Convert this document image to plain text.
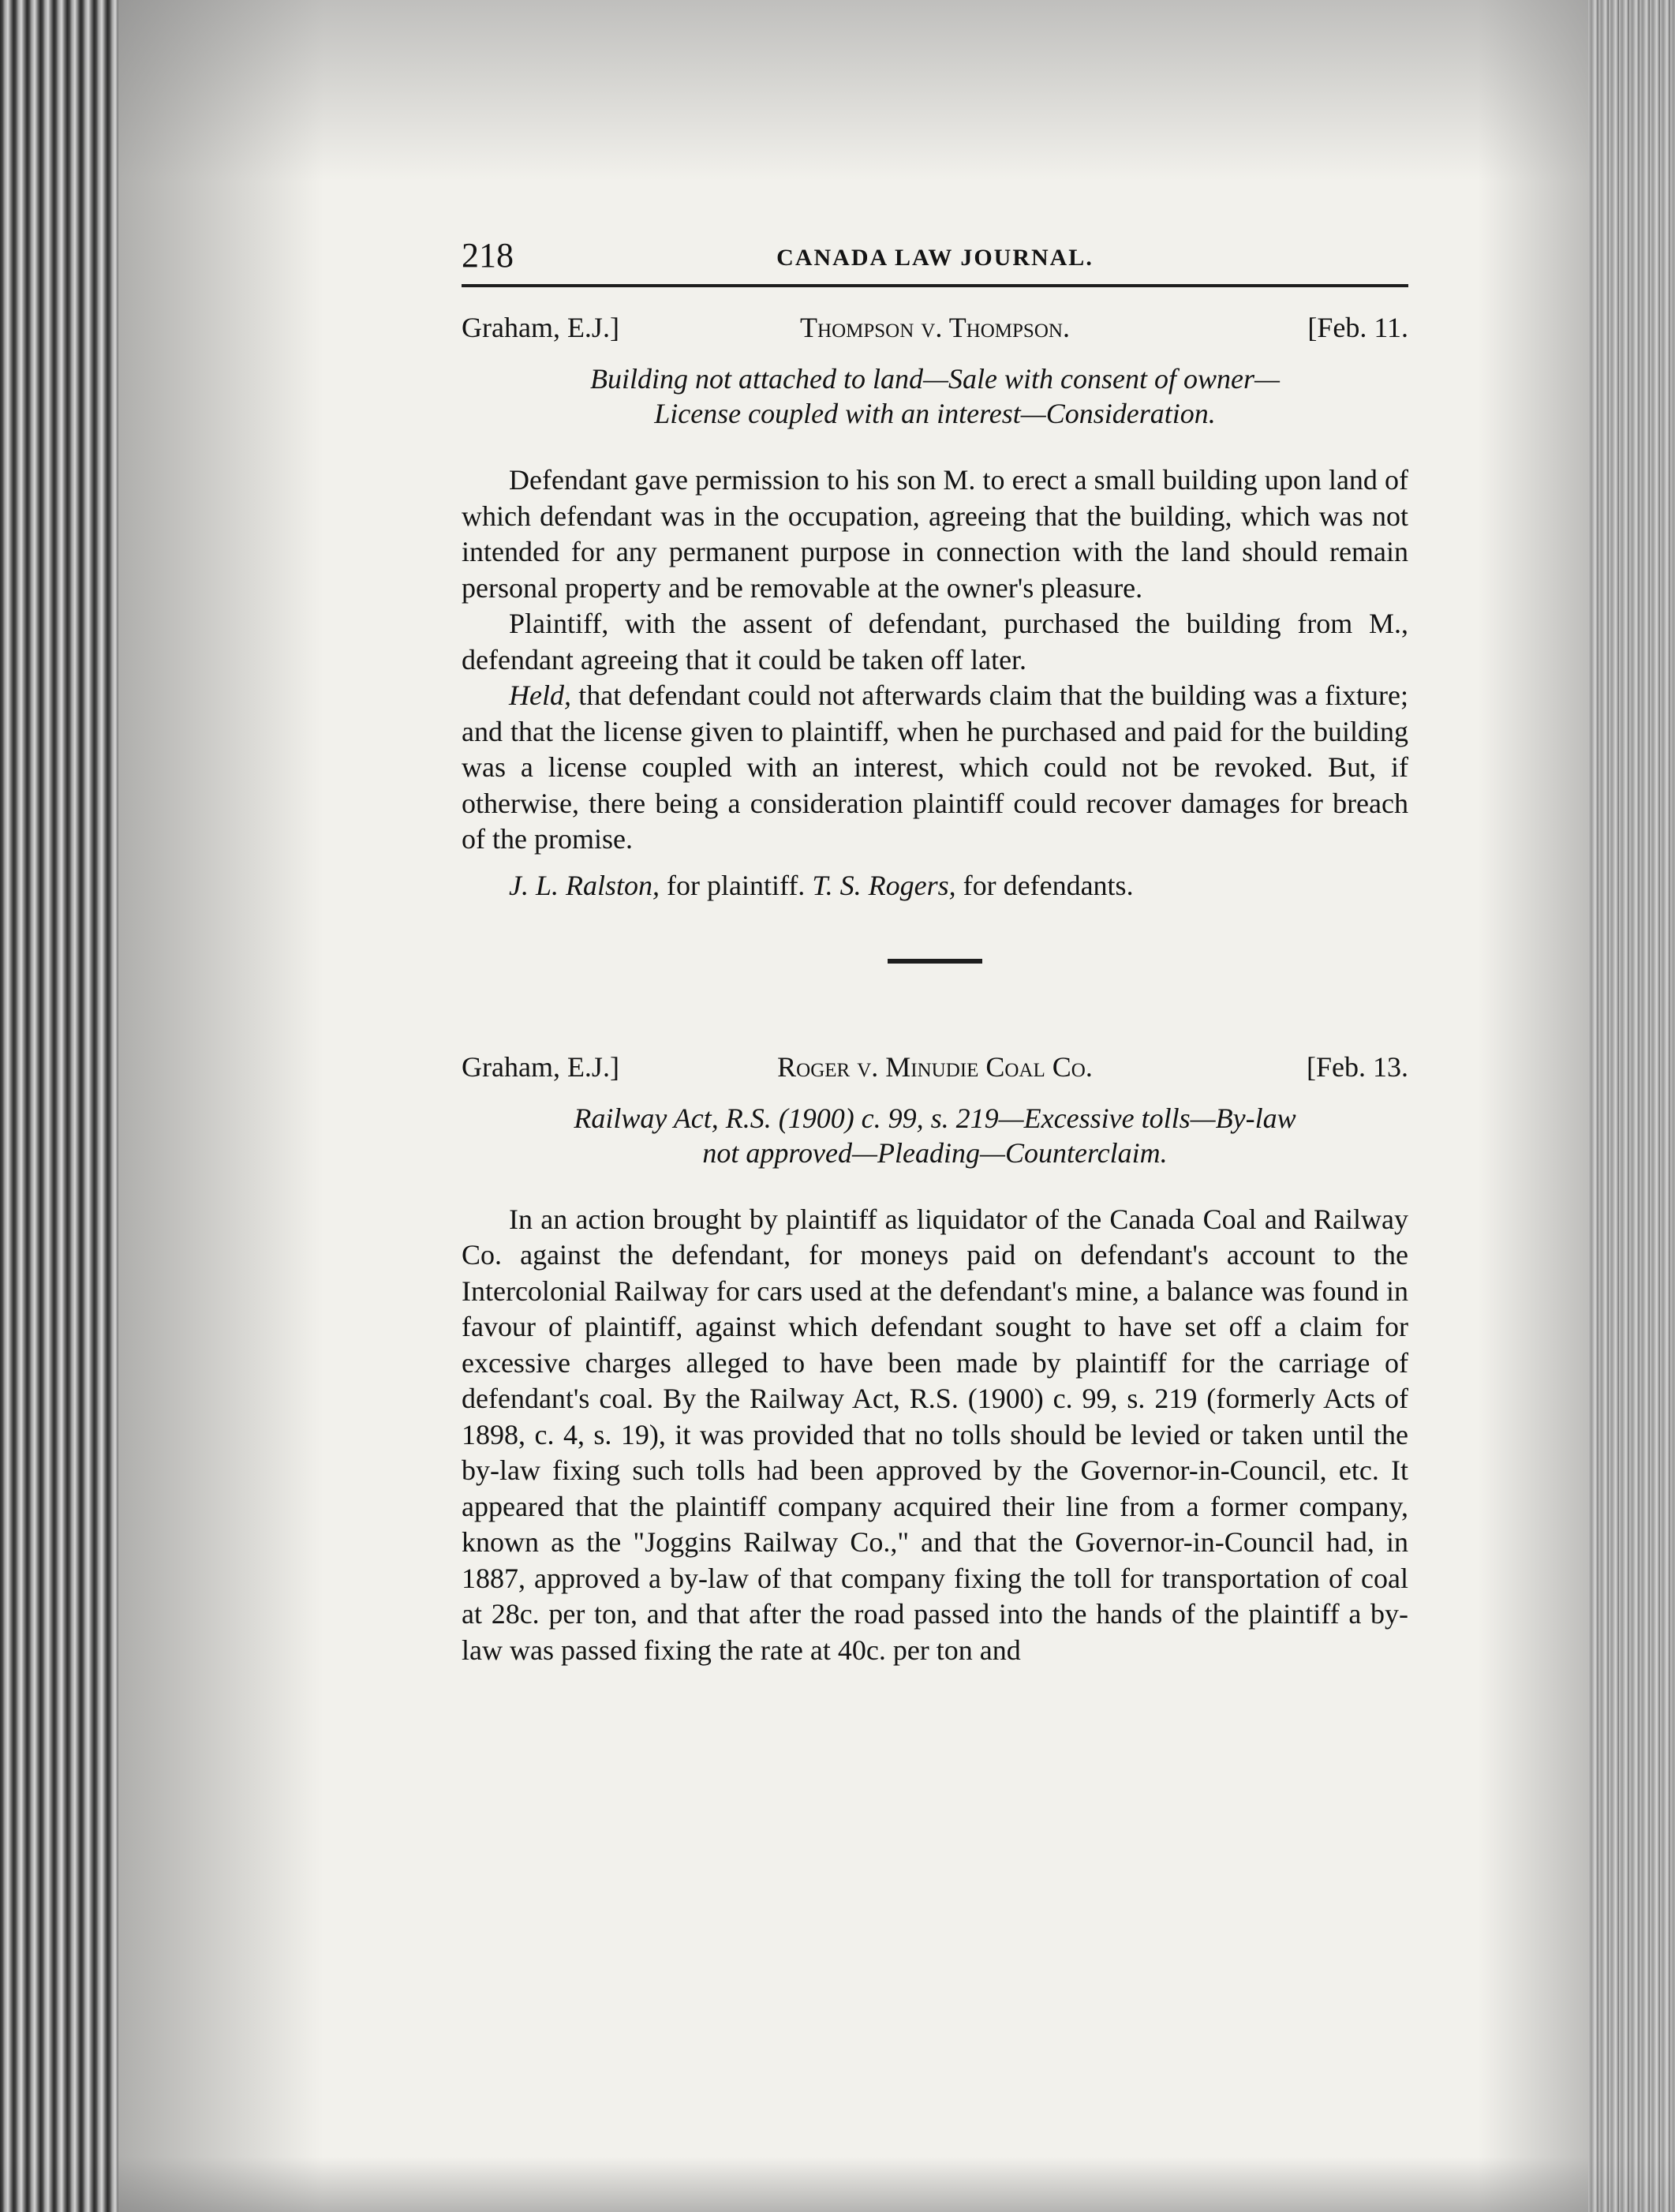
218	CANADA LAW JOURNAL.
Graham, E.J.]	Thompson v. Thompson.	[Feb. 11.
Building not attached to land—Sale with consent of owner—
License coupled with an interest—Consideration.

Defendant gave permission to his son M. to erect a small building upon land of which defendant was in the occupation, agreeing that the building, which was not intended for any permanent purpose in connection with the land should remain personal property and be removable at the owner's pleasure.

Plaintiff, with the assent of defendant, purchased the building from M., defendant agreeing that it could be taken off later.

Held, that defendant could not afterwards claim that the building was a fixture; and that the license given to plaintiff, when he purchased and paid for the building was a license coupled with an interest, which could not be revoked. But, if otherwise, there being a consideration plaintiff could recover damages for breach of the promise.

J. L. Ralston, for plaintiff. T. S. Rogers, for defendants.

Graham, E.J.]	Roger v. Minudie Coal Co.	[Feb. 13.
Railway Act, R.S. (1900) c. 99, s. 219—Excessive tolls—By-law
not approved—Pleading—Counterclaim.

In an action brought by plaintiff as liquidator of the Canada Coal and Railway Co. against the defendant, for moneys paid on defendant's account to the Intercolonial Railway for cars used at the defendant's mine, a balance was found in favour of plaintiff, against which defendant sought to have set off a claim for excessive charges alleged to have been made by plaintiff for the carriage of defendant's coal. By the Railway Act, R.S. (1900) c. 99, s. 219 (formerly Acts of 1898, c. 4, s. 19), it was provided that no tolls should be levied or taken until the by-law fixing such tolls had been approved by the Governor-in-Council, etc. It appeared that the plaintiff company acquired their line from a former company, known as the "Joggins Railway Co.," and that the Governor-in-Council had, in 1887, approved a by-law of that company fixing the toll for transportation of coal at 28c. per ton, and that after the road passed into the hands of the plaintiff a by-law was passed fixing the rate at 40c. per ton and
